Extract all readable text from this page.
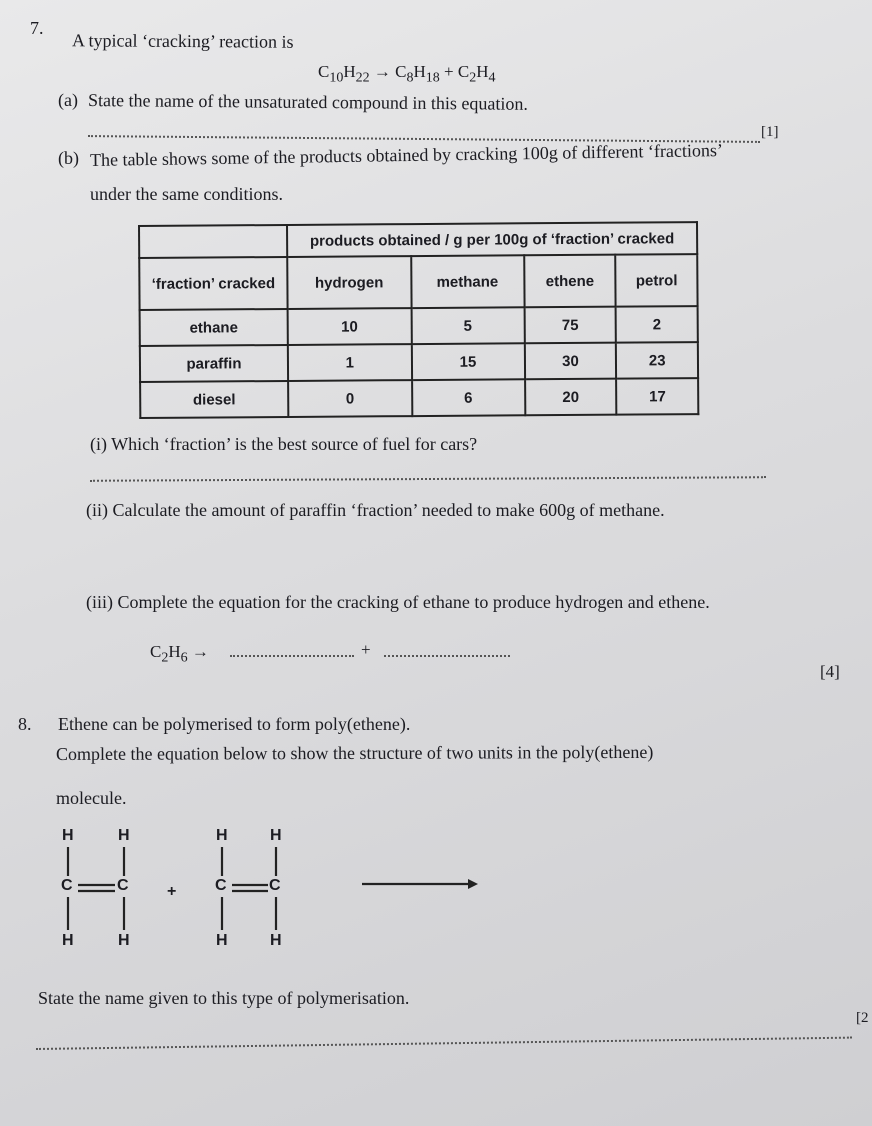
7.
A typical ‘cracking’ reaction is
$C_{10}H_{22} \to C_8H_{18} + C_2H_4$
(a) State the name of the unsaturated compound in this equation.
[1]
(b) The table shows some of the products obtained by cracking 100g of different ‘fractions’
under the same conditions.
	products obtained / g per 100g of ‘fraction’ cracked			
‘fraction’ cracked	hydrogen	methane	ethene	petrol
ethane	10	5	75	2
paraffin	1	15	30	23
diesel	0	6	20	17
(i) Which ‘fraction’ is the best source of fuel for cars?
(ii) Calculate the amount of paraffin ‘fraction’ needed to make 600g of methane.
(iii) Complete the equation for the cracking of ethane to produce hydrogen and ethene.
$C_2H_6$ →	+
[4]
8. Ethene can be polymerised to form poly(ethene).
Complete the equation below to show the structure of two units in the poly(ethene)
molecule.
H	H
C	C
H	H
H	H
C	C
H	H
+
State the name given to this type of polymerisation.
[2
